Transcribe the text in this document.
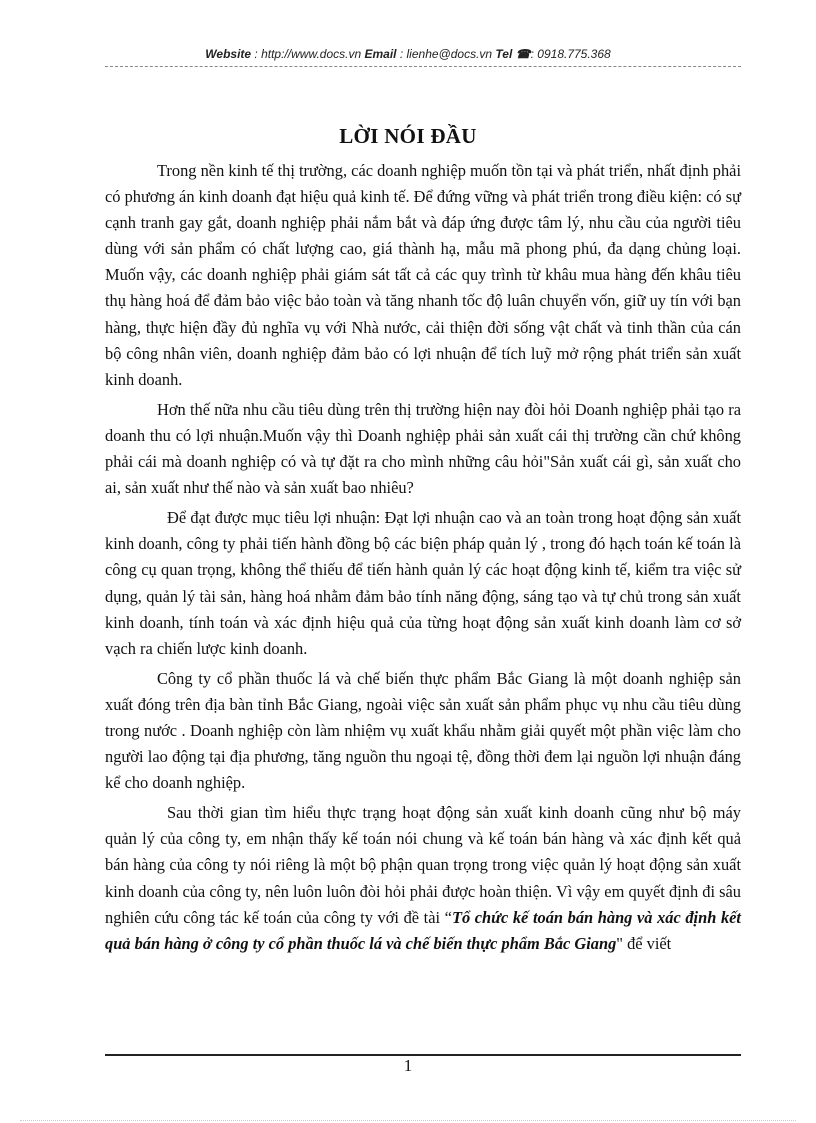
Website : http://www.docs.vn Email : lienhe@docs.vn Tel ☎: 0918.775.368
LỜI NÓI ĐẦU

Trong nền kinh tế thị trường, các doanh nghiệp muốn tồn tại và phát triển, nhất định phải có phương án kinh doanh đạt hiệu quả kinh tế. Để đứng vững và phát triển trong điều kiện: có sự cạnh tranh gay gắt, doanh nghiệp phải nắm bắt và đáp ứng được tâm lý, nhu cầu của người tiêu dùng với sản phẩm có chất lượng cao, giá thành hạ, mẫu mã phong phú, đa dạng chủng loại. Muốn vậy, các doanh nghiệp phải giám sát tất cả các quy trình từ khâu mua hàng đến khâu tiêu thụ hàng hoá để đảm bảo việc bảo toàn và tăng nhanh tốc độ luân chuyển vốn, giữ uy tín với bạn hàng, thực hiện đầy đủ nghĩa vụ với Nhà nước, cải thiện đời sống vật chất và tinh thần của cán bộ công nhân viên, doanh nghiệp đảm bảo có lợi nhuận để tích luỹ mở rộng phát triển sản xuất kinh doanh.

Hơn thế nữa nhu cầu tiêu dùng trên thị trường hiện nay đòi hỏi Doanh nghiệp phải tạo ra doanh thu có lợi nhuận.Muốn vậy thì Doanh nghiệp phải sản xuất cái thị trường cần chứ không phải cái mà doanh nghiệp có và tự đặt ra cho mình những câu hỏi"Sản xuất cái gì, sản xuất cho ai, sản xuất như thế nào và sản xuất bao nhiêu?

Để đạt được mục tiêu lợi nhuận: Đạt lợi nhuận cao và an toàn trong hoạt động sản xuất kinh doanh, công ty phải tiến hành đồng bộ các biện pháp quản lý , trong đó hạch toán kế toán là công cụ quan trọng, không thể thiếu để tiến hành quản lý các hoạt động kinh tế, kiểm tra việc sử dụng, quản lý tài sản, hàng hoá nhằm đảm bảo tính năng động, sáng tạo và tự chủ trong sản xuất kinh doanh, tính toán và xác định hiệu quả của từng hoạt động sản xuất kinh doanh làm cơ sở vạch ra chiến lược kinh doanh.

Công ty cổ phần thuốc lá và chế biến thực phẩm Bắc Giang là một doanh nghiệp sản xuất đóng trên địa bàn tỉnh Bắc Giang, ngoài việc sản xuất sản phẩm phục vụ nhu cầu tiêu dùng trong nước . Doanh nghiệp còn làm nhiệm vụ xuất khẩu nhằm giải quyết một phần việc làm cho người lao động tại địa phương, tăng nguồn thu ngoại tệ, đồng thời đem lại nguồn lợi nhuận đáng kể cho doanh nghiệp.

Sau thời gian tìm hiểu thực trạng hoạt động sản xuất kinh doanh cũng như bộ máy quản lý của công ty, em nhận thấy kế toán nói chung và kế toán bán hàng và xác định kết quả bán hàng của công ty nói riêng là một bộ phận quan trọng trong việc quản lý hoạt động sản xuất kinh doanh của công ty, nên luôn luôn đòi hỏi phải được hoàn thiện. Vì vậy em quyết định đi sâu nghiên cứu công tác kế toán của công ty với đề tài “Tổ chức kế toán bán hàng và xác định kết quả bán hàng ở công ty cổ phần thuốc lá và chế biến thực phẩm Bắc Giang" để viết

1
